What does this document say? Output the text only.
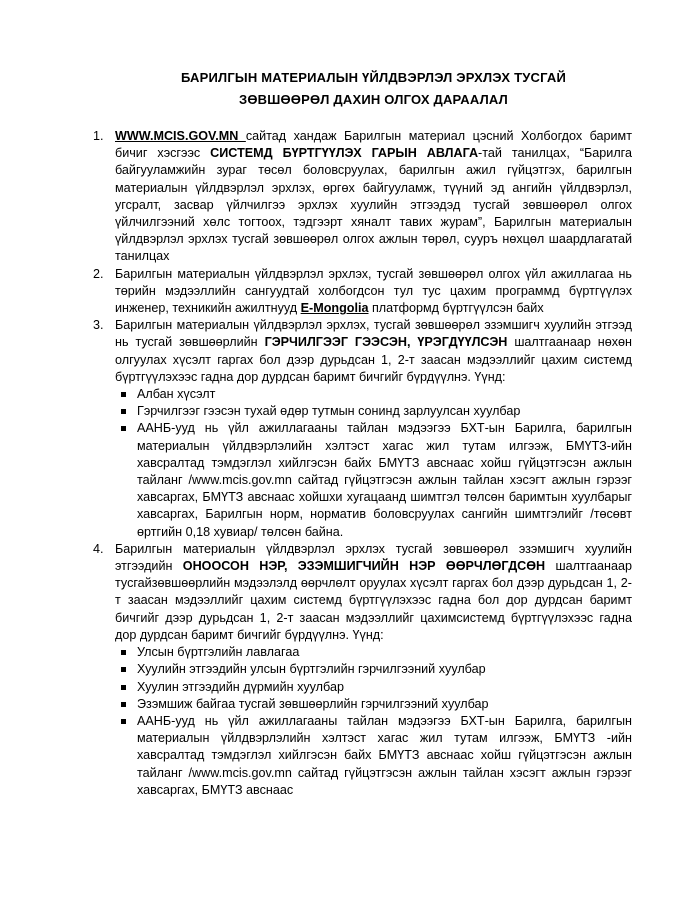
БАРИЛГЫН МАТЕРИАЛЫН ҮЙЛДВЭРЛЭЛ ЭРХЛЭХ ТУСГАЙ
ЗӨВШӨӨРӨЛ ДАХИН ОЛГОХ ДАРААЛАЛ
1. WWW.MCIS.GOV.MN сайтад хандаж Барилгын материал цэсний Холбогдох баримт бичиг хэсгээс СИСТЕМД БҮРТГҮҮЛЭХ ГАРЫН АВЛАГА-тай танилцах, “Барилга байгууламжийн зураг төсөл боловсруулах, барилгын ажил гүйцэтгэх, барилгын материалын үйлдвэрлэл эрхлэх, өргөх байгууламж, түүний эд ангийн үйлдвэрлэл, угсралт, засвар үйлчилгээ эрхлэх хуулийн этгээдэд тусгай зөвшөөрөл олгох үйлчилгээний хөлс тогтоох, тэдгээрт хяналт тавих журам”, Барилгын материалын үйлдвэрлэл эрхлэх тусгай зөвшөөрөл олгох ажлын төрөл, сууръ нөхцөл шаардлагатай танилцах
2. Барилгын материалын үйлдвэрлэл эрхлэх, тусгай зөвшөөрөл олгох үйл ажиллагаа нь төрийн мэдээллийн сангуудтай холбогдсон тул тус цахим программд бүртгүүлэх инженер, техникийн ажилтнууд E-Mongolia платформд бүртгүүлсэн байх
3. Барилгын материалын үйлдвэрлэл эрхлэх, тусгай зөвшөөрөл эзэмшигч хуулийн этгээд нь тусгай зөвшөөрлийн ГЭРЧИЛГЭЭГ ГЭЭСЭН, ҮРЭГДҮҮЛСЭН шалтгаанаар нөхөн олгуулах хүсэлт гаргах бол дээр дурьдсан 1, 2-т заасан мэдээллийг цахим системд бүртгүүлэхээс гадна дор дурдсан баримт бичгийг бүрдүүлнэ. Үүнд:
Албан хүсэлт
Гэрчилгээг гээсэн тухай өдөр тутмын сонинд зарлуулсан хуулбар
ААНБ-ууд нь үйл ажиллагааны тайлан мэдээгээ БХТ-ын Барилга, барилгын материалын үйлдвэрлэлийн хэлтэст хагас жил тутам илгээж, БМҮТЗ-ийн хавсралтад тэмдэглэл хийлгэсэн байх БМҮТЗ авснаас хойш гүйцэтгэсэн ажлын тайланг /www.mcis.gov.mn сайтад гүйцэтгэсэн ажлын тайлан хэсэгт ажлын гэрээг хавсаргах, БМҮТЗ авснаас хойшхи хугацаанд шимтгэл төлсөн баримтын хуулбарыг хавсаргах, Барилгын норм, норматив боловсруулах сангийн шимтгэлийг /төсөвт өртгийн 0,18 хувиар/ төлсөн байна.
4. Барилгын материалын үйлдвэрлэл эрхлэх тусгай зөвшөөрөл эзэмшигч хуулийн этгээдийн ОНООСОН НЭР, ЭЗЭМШИГЧИЙН НЭР ӨӨРЧЛӨГДСӨН шалтгаанаар тусгайзөвшөөрлийн мэдээлэлд өөрчлөлт оруулах хүсэлт гаргах бол дээр дурьдсан 1, 2-т заасан мэдээллийг цахим системд бүртгүүлэхээс гадна бол дор дурдсан баримт бичгийг дээр дурьдсан 1, 2-т заасан мэдээллийг цахимсистемд бүртгүүлэхээс гадна дор дурдсан баримт бичгийг бүрдүүлнэ. Үүнд:
Улсын бүртгэлийн лавлагаа
Хуулийн этгээдийн улсын бүртгэлийн гэрчилгээний хуулбар
Хуулин этгээдийн дүрмийн хуулбар
Эзэмшиж байгаа тусгай зөвшөөрлийн гэрчилгээний хуулбар
ААНБ-ууд нь үйл ажиллагааны тайлан мэдээгээ БХТ-ын Барилга, барилгын материалын үйлдвэрлэлийн хэлтэст хагас жил тутам илгээж, БМҮТЗ -ийн хавсралтад тэмдэглэл хийлгэсэн байх БМҮТЗ авснаас хойш гүйцэтгэсэн ажлын тайланг /www.mcis.gov.mn сайтад гүйцэтгэсэн ажлын тайлан хэсэгт ажлын гэрээг хавсаргах, БМҮТЗ авснаас
